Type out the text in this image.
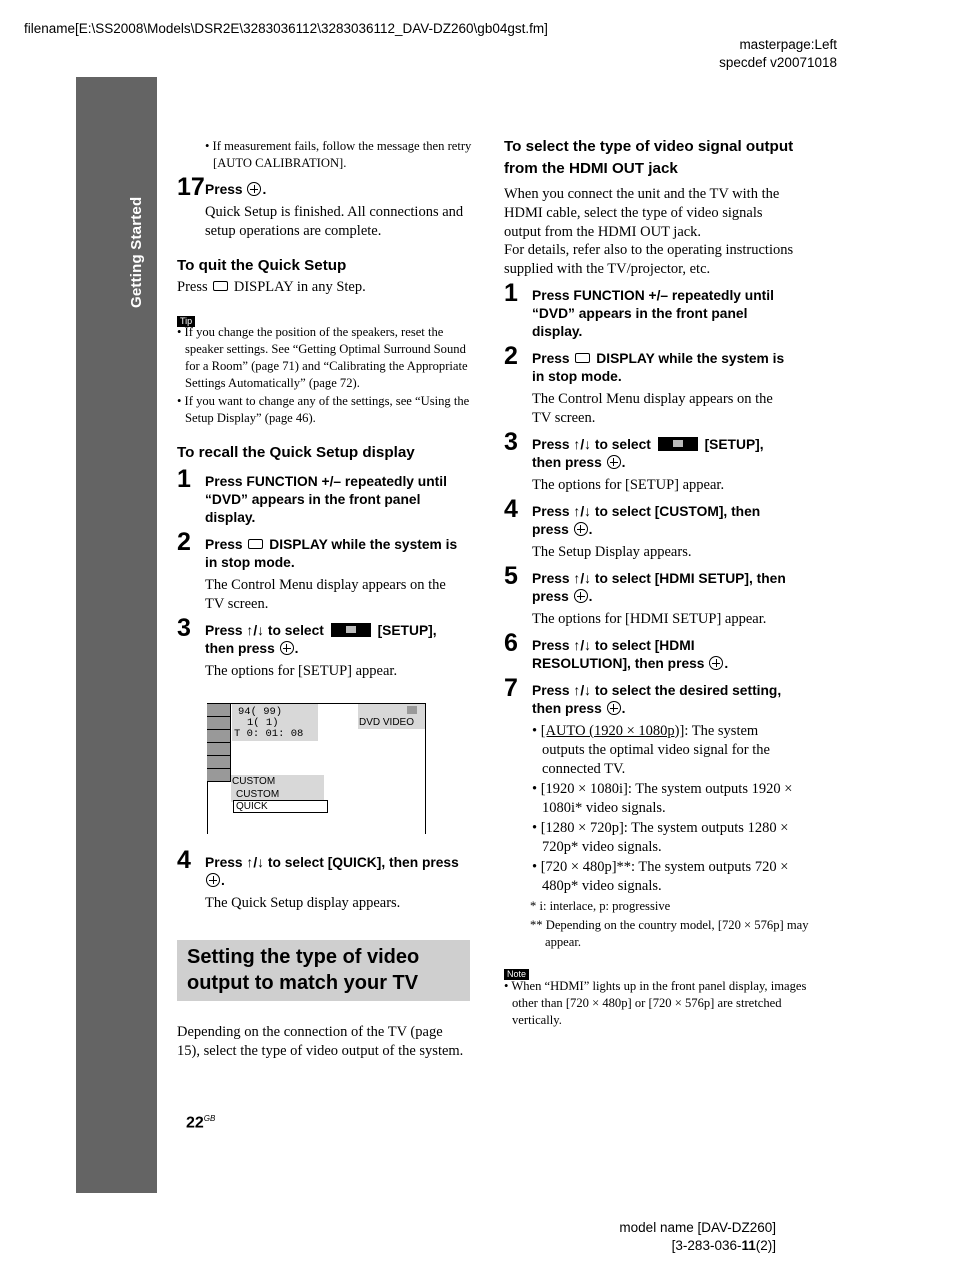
filename[E:\SS2008\Models\DSR2E\3283036112\3283036112_DAV-DZ260\gb04gst.fm]
masterpage:Left
specdef v20071018
Getting Started
• If measurement fails, follow the message then retry [AUTO CALIBRATION].
17 Press .
Quick Setup is finished. All connections and setup operations are complete.
To quit the Quick Setup
Press DISPLAY in any Step.
Tip
• If you change the position of the speakers, reset the speaker settings. See “Getting Optimal Surround Sound for a Room” (page 71) and “Calibrating the Appropriate Settings Automatically” (page 72).
• If you want to change any of the settings, see “Using the Setup Display” (page 46).
To recall the Quick Setup display
1 Press FUNCTION +/– repeatedly until “DVD” appears in the front panel display.
2 Press DISPLAY while the system is in stop mode.
The Control Menu display appears on the TV screen.
3 Press ↑/↓ to select	[SETUP],
then press .
The options for [SETUP] appear.
94( 99)
1( 1)
T 0: 01: 08
DVD VIDEO
CUSTOM
CUSTOM
QUICK
4 Press ↑/↓ to select [QUICK], then press .
The Quick Setup display appears.
Setting the type of video output to match your TV
Depending on the connection of the TV (page 15), select the type of video output of the system.
$22^{GB}$
To select the type of video signal output from the HDMI OUT jack
When you connect the unit and the TV with the HDMI cable, select the type of video signals output from the HDMI OUT jack.
For details, refer also to the operating instructions supplied with the TV/projector, etc.
1 Press FUNCTION +/– repeatedly until “DVD” appears in the front panel display.
2 Press DISPLAY while the system is in stop mode.
The Control Menu display appears on the TV screen.
3 Press ↑/↓ to select	[SETUP],
then press .
The options for [SETUP] appear.
4 Press ↑/↓ to select [CUSTOM], then press .
The Setup Display appears.
5 Press ↑/↓ to select [HDMI SETUP], then press .
The options for [HDMI SETUP] appear.
6 Press ↑/↓ to select [HDMI RESOLUTION], then press .
7 Press ↑/↓ to select the desired setting, then press .
• [AUTO (1920 × 1080p)]: The system outputs the optimal video signal for the connected TV.
• [1920 × 1080i]: The system outputs 1920 × 1080i* video signals.
• [1280 × 720p]: The system outputs 1280 × 720p* video signals.
• [720 × 480p]**: The system outputs 720 × 480p* video signals.
* i: interlace, p: progressive
** Depending on the country model, [720 × 576p] may appear.
Note
• When “HDMI” lights up in the front panel display, images other than [720 × 480p] or [720 × 576p] are stretched vertically.
model name [DAV-DZ260]
[3-283-036-11(2)]
